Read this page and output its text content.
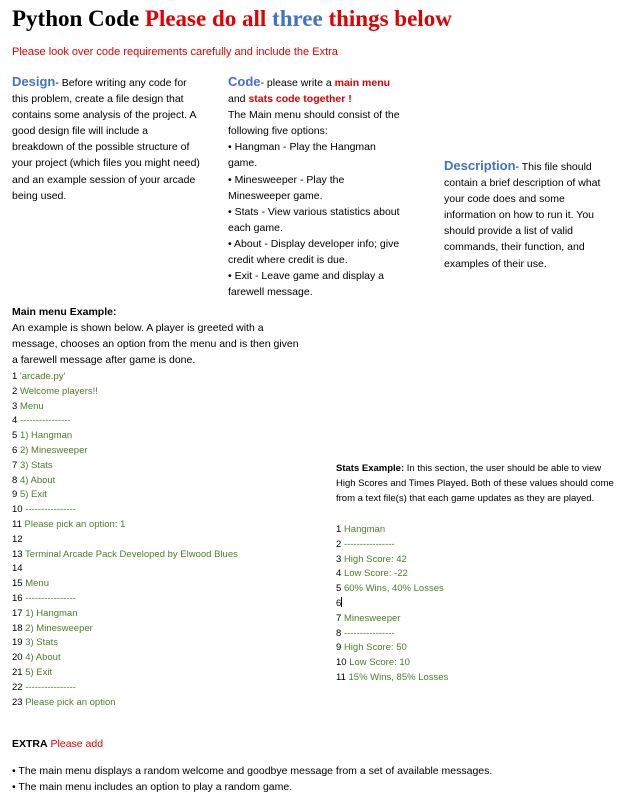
Python Code Please do all three things below
Please look over code requirements carefully and include the Extra
Design- Before writing any code for this problem, create a file design that contains some analysis of the project. A good design file will include a breakdown of the possible structure of your project (which files you might need) and an example session of your arcade being used.
Code- please write a main menu and stats code together !
The Main menu should consist of the following five options:
• Hangman - Play the Hangman game.
• Minesweeper - Play the Minesweeper game.
• Stats - View various statistics about each game.
• About - Display developer info; give credit where credit is due.
• Exit - Leave game and display a farewell message.
Description- This file should contain a brief description of what your code does and some information on how to run it. You should provide a list of valid commands, their function, and examples of their use.
Main menu Example:
An example is shown below. A player is greeted with a message, chooses an option from the menu and is then given a farewell message after game is done.
1 'arcade.py'
2 Welcome players!!
3 Menu
4 ----------------
5 1) Hangman
6 2) Minesweeper
7 3) Stats
8 4) About
9 5) Exit
10 ----------------
11 Please pick an option: 1
12
13 Terminal Arcade Pack Developed by Elwood Blues
14
15 Menu
16 ----------------
17 1) Hangman
18 2) Minesweeper
19 3) Stats
20 4) About
21 5) Exit
22 ----------------
23 Please pick an option
Stats Example: In this section, the user should be able to view High Scores and Times Played. Both of these values should come from a text file(s) that each game updates as they are played.
1 Hangman
2 ----------------
3 High Score: 42
4 Low Score: -22
5 60% Wins, 40% Losses
6
7 Minesweeper
8 ----------------
9 High Score: 50
10 Low Score: 10
11 15% Wins, 85% Losses
EXTRA Please add
• The main menu displays a random welcome and goodbye message from a set of available messages.
• The main menu includes an option to play a random game.
